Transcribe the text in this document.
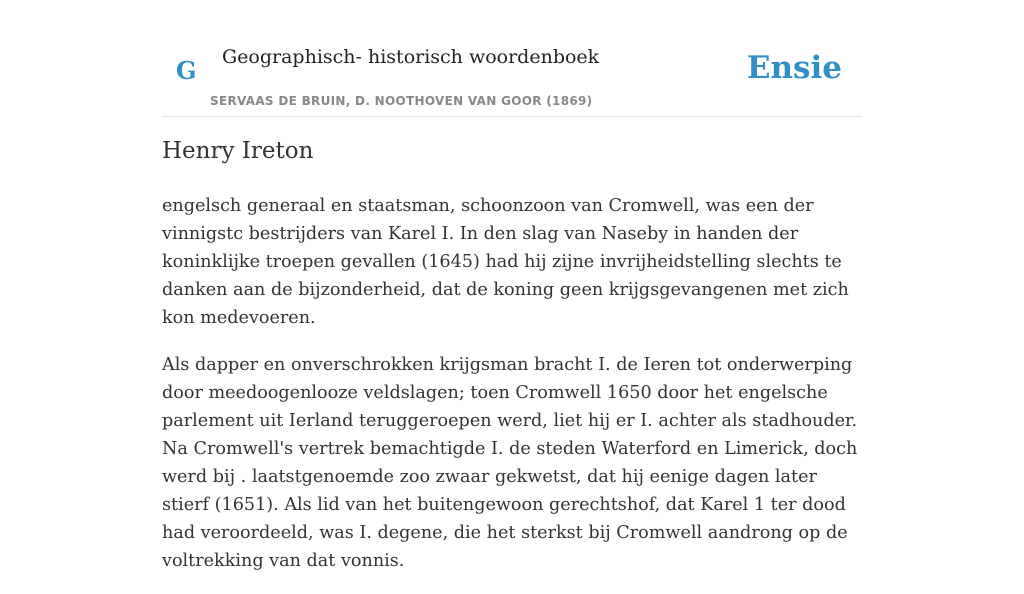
G Geographisch- historisch woordenboek
SERVAAS DE BRUIN, D. NOOTHOVEN VAN GOOR (1869)
Ensie
Henry Ireton

engelsch generaal en staatsman, schoonzoon van Cromwell, was een der vinnigstc bestrijders van Karel I. In den slag van Naseby in handen der koninklijke troepen gevallen (1645) had hij zijne invrijheidstelling slechts te danken aan de bijzonderheid, dat de koning geen krijgsgevangenen met zich kon medevoeren.

Als dapper en onverschrokken krijgsman bracht I. de Ieren tot onderwerping door meedoogenlooze veldslagen; toen Cromwell 1650 door het engelsche parlement uit Ierland teruggeroepen werd, liet hij er I. achter als stadhouder. Na Cromwell's vertrek bemachtigde I. de steden Waterford en Limerick, doch werd bij . laatstgenoemde zoo zwaar gekwetst, dat hij eenige dagen later stierf (1651). Als lid van het buitengewoon gerechtshof, dat Karel 1 ter dood had veroordeeld, was I. degene, die het sterkst bij Cromwell aandrong op de voltrekking van dat vonnis.
